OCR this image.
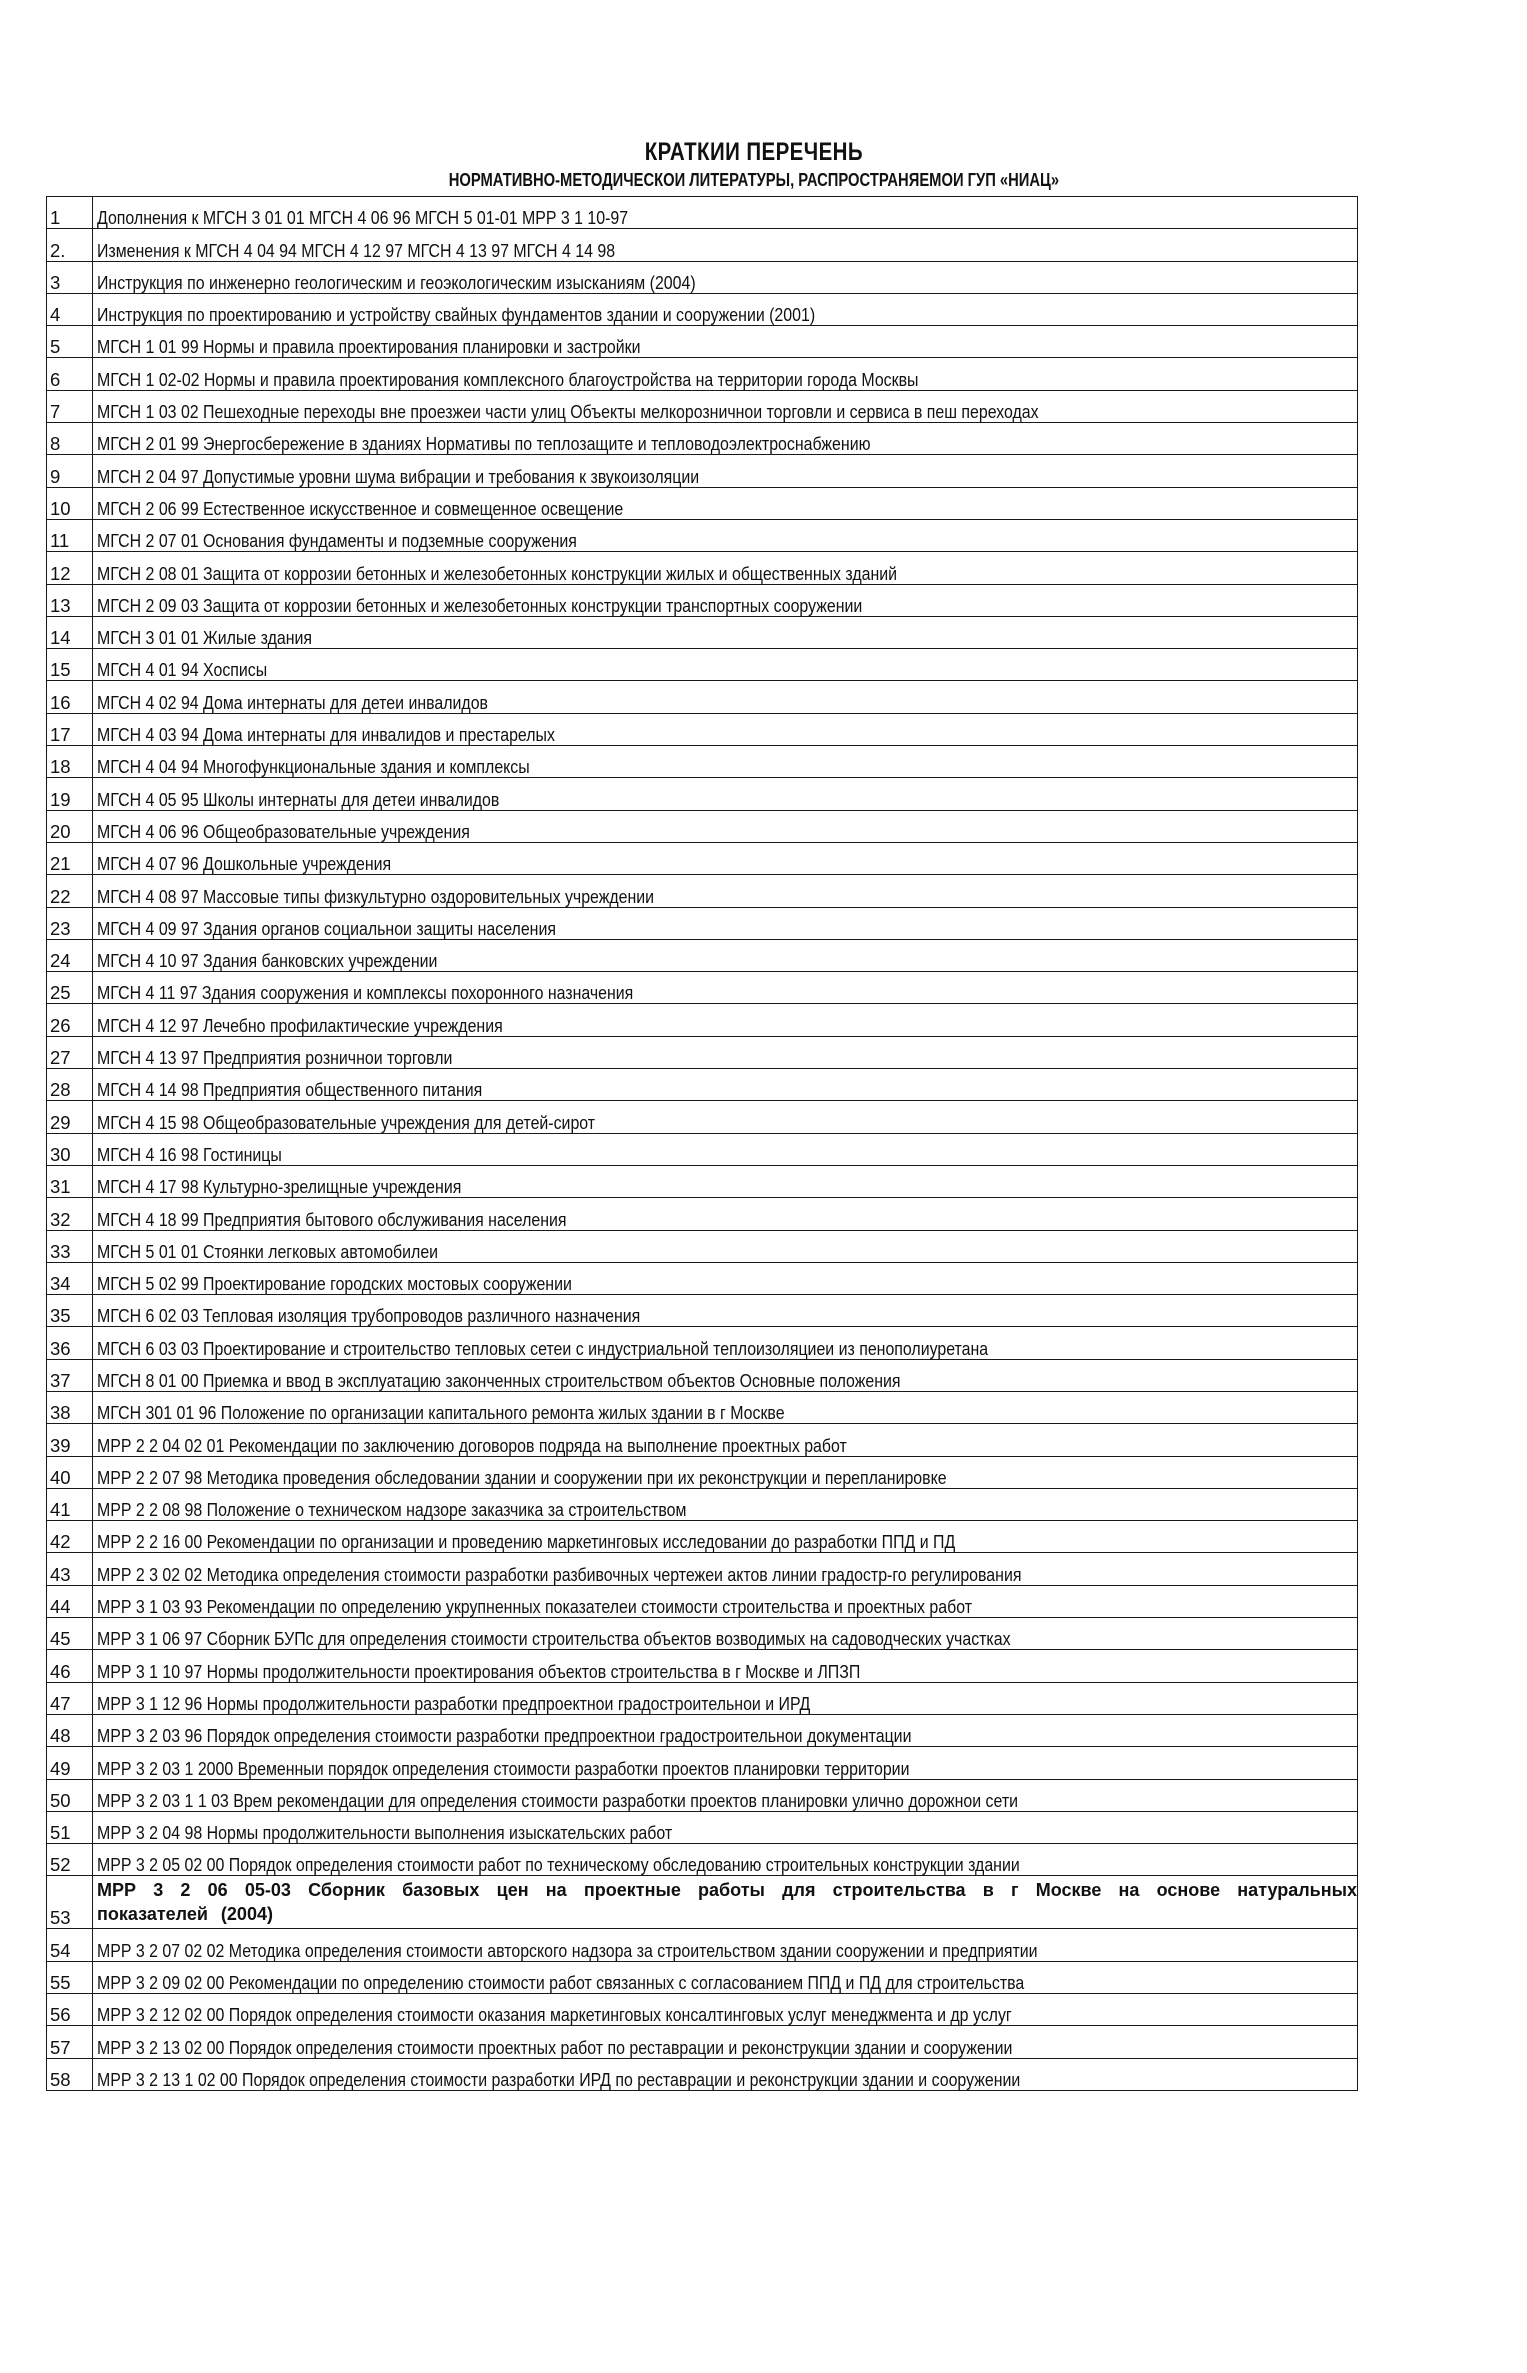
КРАТКИИ ПЕРЕЧЕНЬ
НОРМАТИВНО-МЕТОДИЧЕСКОИ ЛИТЕРАТУРЫ, РАСПРОСТРАНЯЕМОИ ГУП «НИАЦ»
1	Дополнения к МГСН 3 01 01 МГСН 4 06 96 МГСН 5 01-01 МРР 3 1 10-97
2.	Изменения к МГСН 4 04 94 МГСН 4 12 97 МГСН 4 13 97 МГСН 4 14 98
3	Инструкция по инженерно геологическим и геоэкологическим изысканиям (2004)
4	Инструкция по проектированию и устройству свайных фундаментов здании и сооружении (2001)
5	МГСН 1 01 99 Нормы и правила проектирования планировки и застройки
6	МГСН 1 02-02 Нормы и правила проектирования комплексного благоустройства на территории города Москвы
7	МГСН 1 03 02 Пешеходные переходы вне проезжеи части улиц Объекты мелкорозничнои торговли и сервиса в пеш переходах
8	МГСН 2 01 99 Энергосбережение в зданиях Нормативы по теплозащите и тепловодоэлектроснабжению
9	МГСН 2 04 97 Допустимые уровни шума вибрации и требования к звукоизоляции
10	МГСН 2 06 99 Естественное искусственное и совмещенное освещение
11	МГСН 2 07 01 Основания фундаменты и подземные сооружения
12	МГСН 2 08 01 Защита от коррозии бетонных и железобетонных конструкции жилых и общественных зданий
13	МГСН 2 09 03 Защита от коррозии бетонных и железобетонных конструкции транспортных сооружении
14	МГСН 3 01 01 Жилые здания
15	МГСН 4 01 94 Хосписы
16	МГСН 4 02 94 Дома интернаты для детеи инвалидов
17	МГСН 4 03 94 Дома интернаты для инвалидов и престарелых
18	МГСН 4 04 94 Многофункциональные здания и комплексы
19	МГСН 4 05 95 Школы интернаты для детеи инвалидов
20	МГСН 4 06 96 Общеобразовательные учреждения
21	МГСН 4 07 96 Дошкольные учреждения
22	МГСН 4 08 97 Массовые типы физкультурно оздоровительных учреждении
23	МГСН 4 09 97 Здания органов социальнои защиты населения
24	МГСН 4 10 97 Здания банковских учреждении
25	МГСН 4 11 97 Здания сооружения и комплексы похоронного назначения
26	МГСН 4 12 97 Лечебно профилактические учреждения
27	МГСН 4 13 97 Предприятия розничнои торговли
28	МГСН 4 14 98 Предприятия общественного питания
29	МГСН 4 15 98 Общеобразовательные учреждения для детей-сирот
30	МГСН 4 16 98 Гостиницы
31	МГСН 4 17 98 Культурно-зрелищные учреждения
32	МГСН 4 18 99 Предприятия бытового обслуживания населения
33	МГСН 5 01 01 Стоянки легковых автомобилеи
34	МГСН 5 02 99 Проектирование городских мостовых сооружении
35	МГСН 6 02 03 Тепловая изоляция трубопроводов различного назначения
36	МГСН 6 03 03 Проектирование и строительство тепловых сетеи с индустриальной теплоизоляциеи из пенополиуретана
37	МГСН 8 01 00 Приемка и ввод в эксплуатацию законченных строительством объектов Основные положения
38	МГСН 301 01 96 Положение по организации капитального ремонта жилых здании в г Москве
39	МРР 2 2 04 02 01 Рекомендации по заключению договоров подряда на выполнение проектных работ
40	МРР 2 2 07 98 Методика проведения обследовании здании и сооружении при их реконструкции и перепланировке
41	МРР 2 2 08 98 Положение о техническом надзоре заказчика за строительством
42	МРР 2 2 16 00 Рекомендации по организации и проведению маркетинговых исследовании до разработки ППД и ПД
43	МРР 2 3 02 02 Методика определения стоимости разработки разбивочных чертежеи актов линии градостр-го регулирования
44	МРР 3 1 03 93 Рекомендации по определению укрупненных показателеи стоимости строительства и проектных работ
45	МРР 3 1 06 97 Сборник БУПс для определения стоимости строительства объектов возводимых на садоводческих участках
46	МРР 3 1 10 97 Нормы продолжительности проектирования объектов строительства в г Москве и ЛПЗП
47	МРР 3 1 12 96 Нормы продолжительности разработки предпроектнои градостроительнои и ИРД
48	МРР 3 2 03 96 Порядок определения стоимости разработки предпроектнои градостроительнои документации
49	МРР 3 2 03 1 2000 Временныи порядок определения стоимости разработки проектов планировки территории
50	МРР 3 2 03 1 1 03 Врем рекомендации для определения стоимости разработки проектов планировки улично дорожнои сети
51	МРР 3 2 04 98 Нормы продолжительности выполнения изыскательских работ
52	МРР 3 2 05 02 00 Порядок определения стоимости работ по техническому обследованию строительных конструкции здании
53	МРР 3 2 06 05-03 Сборник базовых цен на проектные работы для строительства в г Москве на основе натуральных показателей (2004)

54	МРР 3 2 07 02 02 Методика определения стоимости авторского надзора за строительством здании сооружении и предприятии
55	МРР 3 2 09 02 00 Рекомендации по определению стоимости работ связанных с согласованием ППД и ПД для строительства
56	МРР 3 2 12 02 00 Порядок определения стоимости оказания маркетинговых консалтинговых услуг менеджмента и др услуг
57	МРР 3 2 13 02 00 Порядок определения стоимости проектных работ по реставрации и реконструкции здании и сооружении
58	МРР 3 2 13 1 02 00 Порядок определения стоимости разработки ИРД по реставрации и реконструкции здании и сооружении
